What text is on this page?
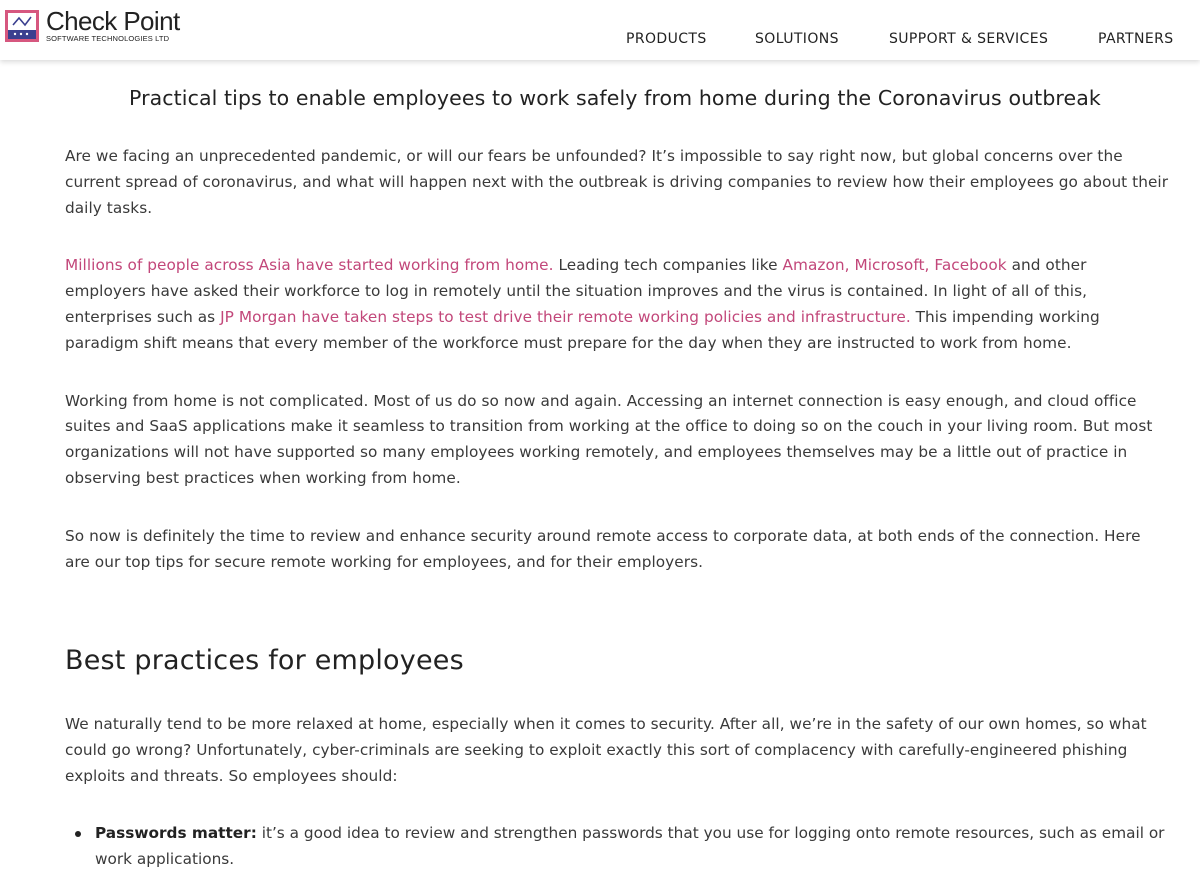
Check Point
SOFTWARE TECHNOLOGIES LTD	PRODUCTS	SOLUTIONS	SUPPORT & SERVICES	PARTNERS
Practical tips to enable employees to work safely from home during the Coronavirus outbreak

Are we facing an unprecedented pandemic, or will our fears be unfounded? It’s impossible to say right now, but global concerns over the current spread of coronavirus, and what will happen next with the outbreak is driving companies to review how their employees go about their daily tasks.

Millions of people across Asia have started working from home. Leading tech companies like Amazon, Microsoft, Facebook and other employers have asked their workforce to log in remotely until the situation improves and the virus is contained. In light of all of this, enterprises such as JP Morgan have taken steps to test drive their remote working policies and infrastructure. This impending working paradigm shift means that every member of the workforce must prepare for the day when they are instructed to work from home.

Working from home is not complicated. Most of us do so now and again. Accessing an internet connection is easy enough, and cloud office suites and SaaS applications make it seamless to transition from working at the office to doing so on the couch in your living room. But most organizations will not have supported so many employees working remotely, and employees themselves may be a little out of practice in observing best practices when working from home.

So now is definitely the time to review and enhance security around remote access to corporate data, at both ends of the connection. Here are our top tips for secure remote working for employees, and for their employers.

Best practices for employees

We naturally tend to be more relaxed at home, especially when it comes to security. After all, we’re in the safety of our own homes, so what could go wrong? Unfortunately, cyber-criminals are seeking to exploit exactly this sort of complacency with carefully-engineered phishing exploits and threats. So employees should:

Passwords matter: it’s a good idea to review and strengthen passwords that you use for logging onto remote resources, such as email or work applications.
